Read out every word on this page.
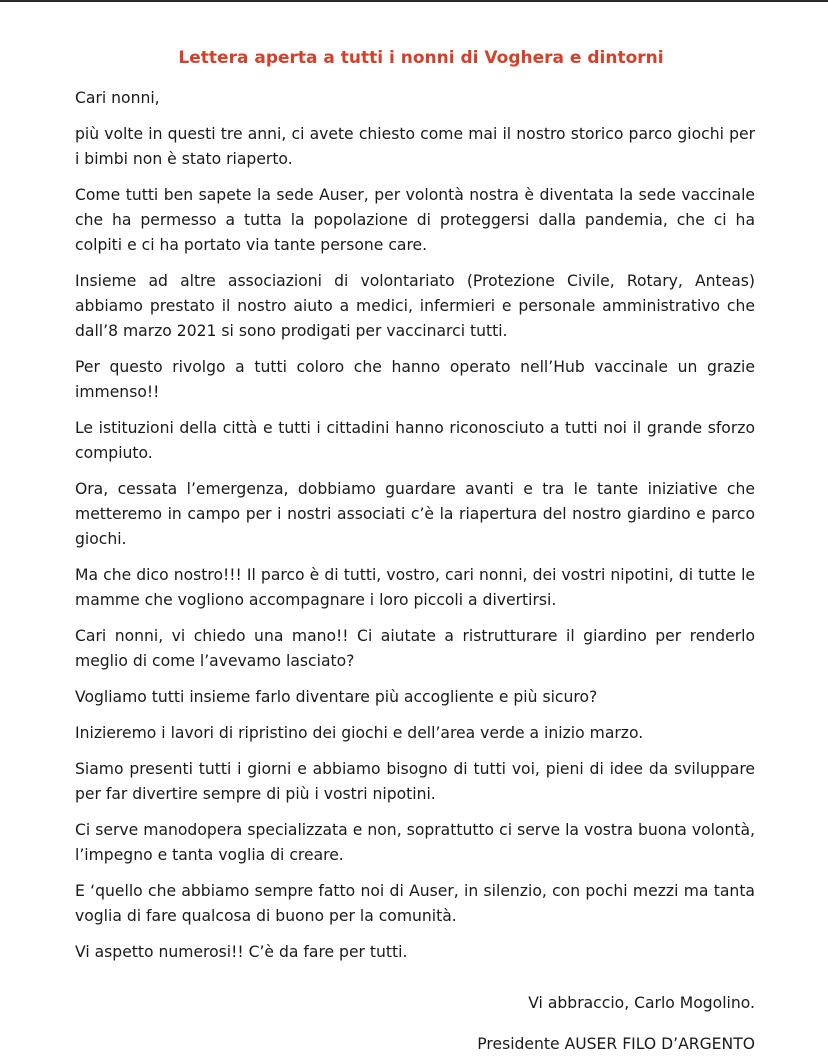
Lettera aperta a tutti i nonni di Voghera e dintorni

Cari nonni,

più volte in questi tre anni, ci avete chiesto come mai il nostro storico parco giochi per i bimbi non è stato riaperto.

Come tutti ben sapete la sede Auser, per volontà nostra è diventata la sede vaccinale che ha permesso a tutta la popolazione di proteggersi dalla pandemia, che ci ha colpiti e ci ha portato via tante persone care.

Insieme ad altre associazioni di volontariato (Protezione Civile, Rotary, Anteas) abbiamo prestato il nostro aiuto a medici, infermieri e personale amministrativo che dall’8 marzo 2021 si sono prodigati per vaccinarci tutti.

Per questo rivolgo a tutti coloro che hanno operato nell’Hub vaccinale un grazie immenso!!

Le istituzioni della città e tutti i cittadini hanno riconosciuto a tutti noi il grande sforzo compiuto.

Ora, cessata l’emergenza, dobbiamo guardare avanti e tra le tante iniziative che metteremo in campo per i nostri associati c’è la riapertura del nostro giardino e parco giochi.

Ma che dico nostro!!! Il parco è di tutti, vostro, cari nonni, dei vostri nipotini, di tutte le mamme che vogliono accompagnare i loro piccoli a divertirsi.

Cari nonni, vi chiedo una mano!! Ci aiutate a ristrutturare il giardino per renderlo meglio di come l’avevamo lasciato?

Vogliamo tutti insieme farlo diventare più accogliente e più sicuro?

Inizieremo i lavori di ripristino dei giochi e dell’area verde a inizio marzo.

Siamo presenti tutti i giorni e abbiamo bisogno di tutti voi, pieni di idee da sviluppare per far divertire sempre di più i vostri nipotini.

Ci serve manodopera specializzata e non, soprattutto ci serve la vostra buona volontà, l’impegno e tanta voglia di creare.

E ‘quello che abbiamo sempre fatto noi di Auser, in silenzio, con pochi mezzi ma tanta voglia di fare qualcosa di buono per la comunità.

Vi aspetto numerosi!! C’è da fare per tutti.

Vi abbraccio, Carlo Mogolino.

Presidente AUSER FILO D’ARGENTO
